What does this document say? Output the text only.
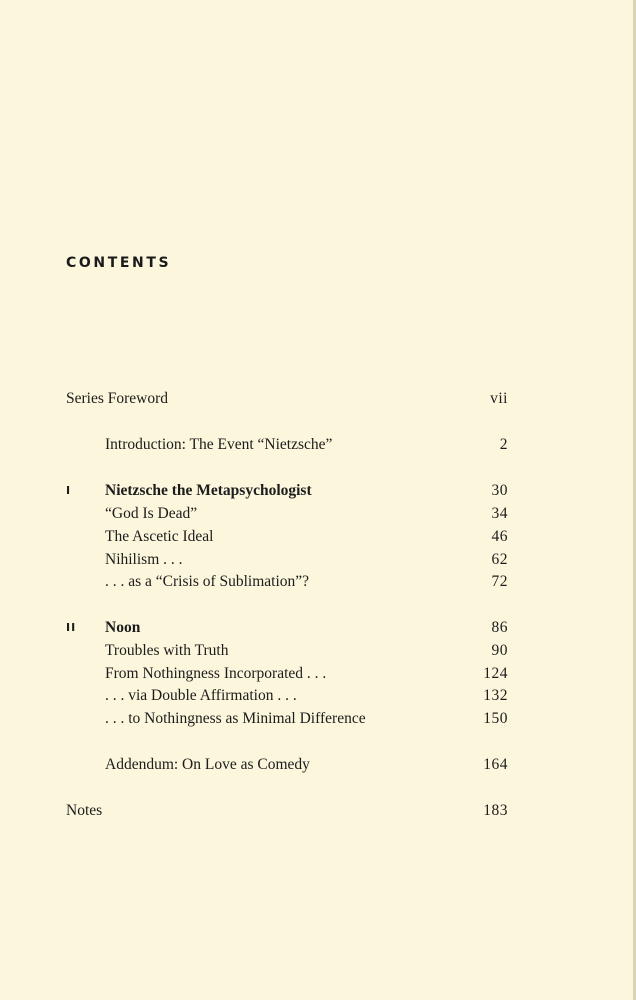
CONTENTS
Series Foreword	vii
Introduction: The Event “Nietzsche”	2
I Nietzsche the Metapsychologist	30
“God Is Dead”	34
The Ascetic Ideal	46
Nihilism . . .	62
. . . as a “Crisis of Sublimation”?	72
II Noon	86
Troubles with Truth	90
From Nothingness Incorporated . . .	124
. . . via Double Affirmation . . .	132
. . . to Nothingness as Minimal Difference	150
Addendum: On Love as Comedy	164
Notes	183
